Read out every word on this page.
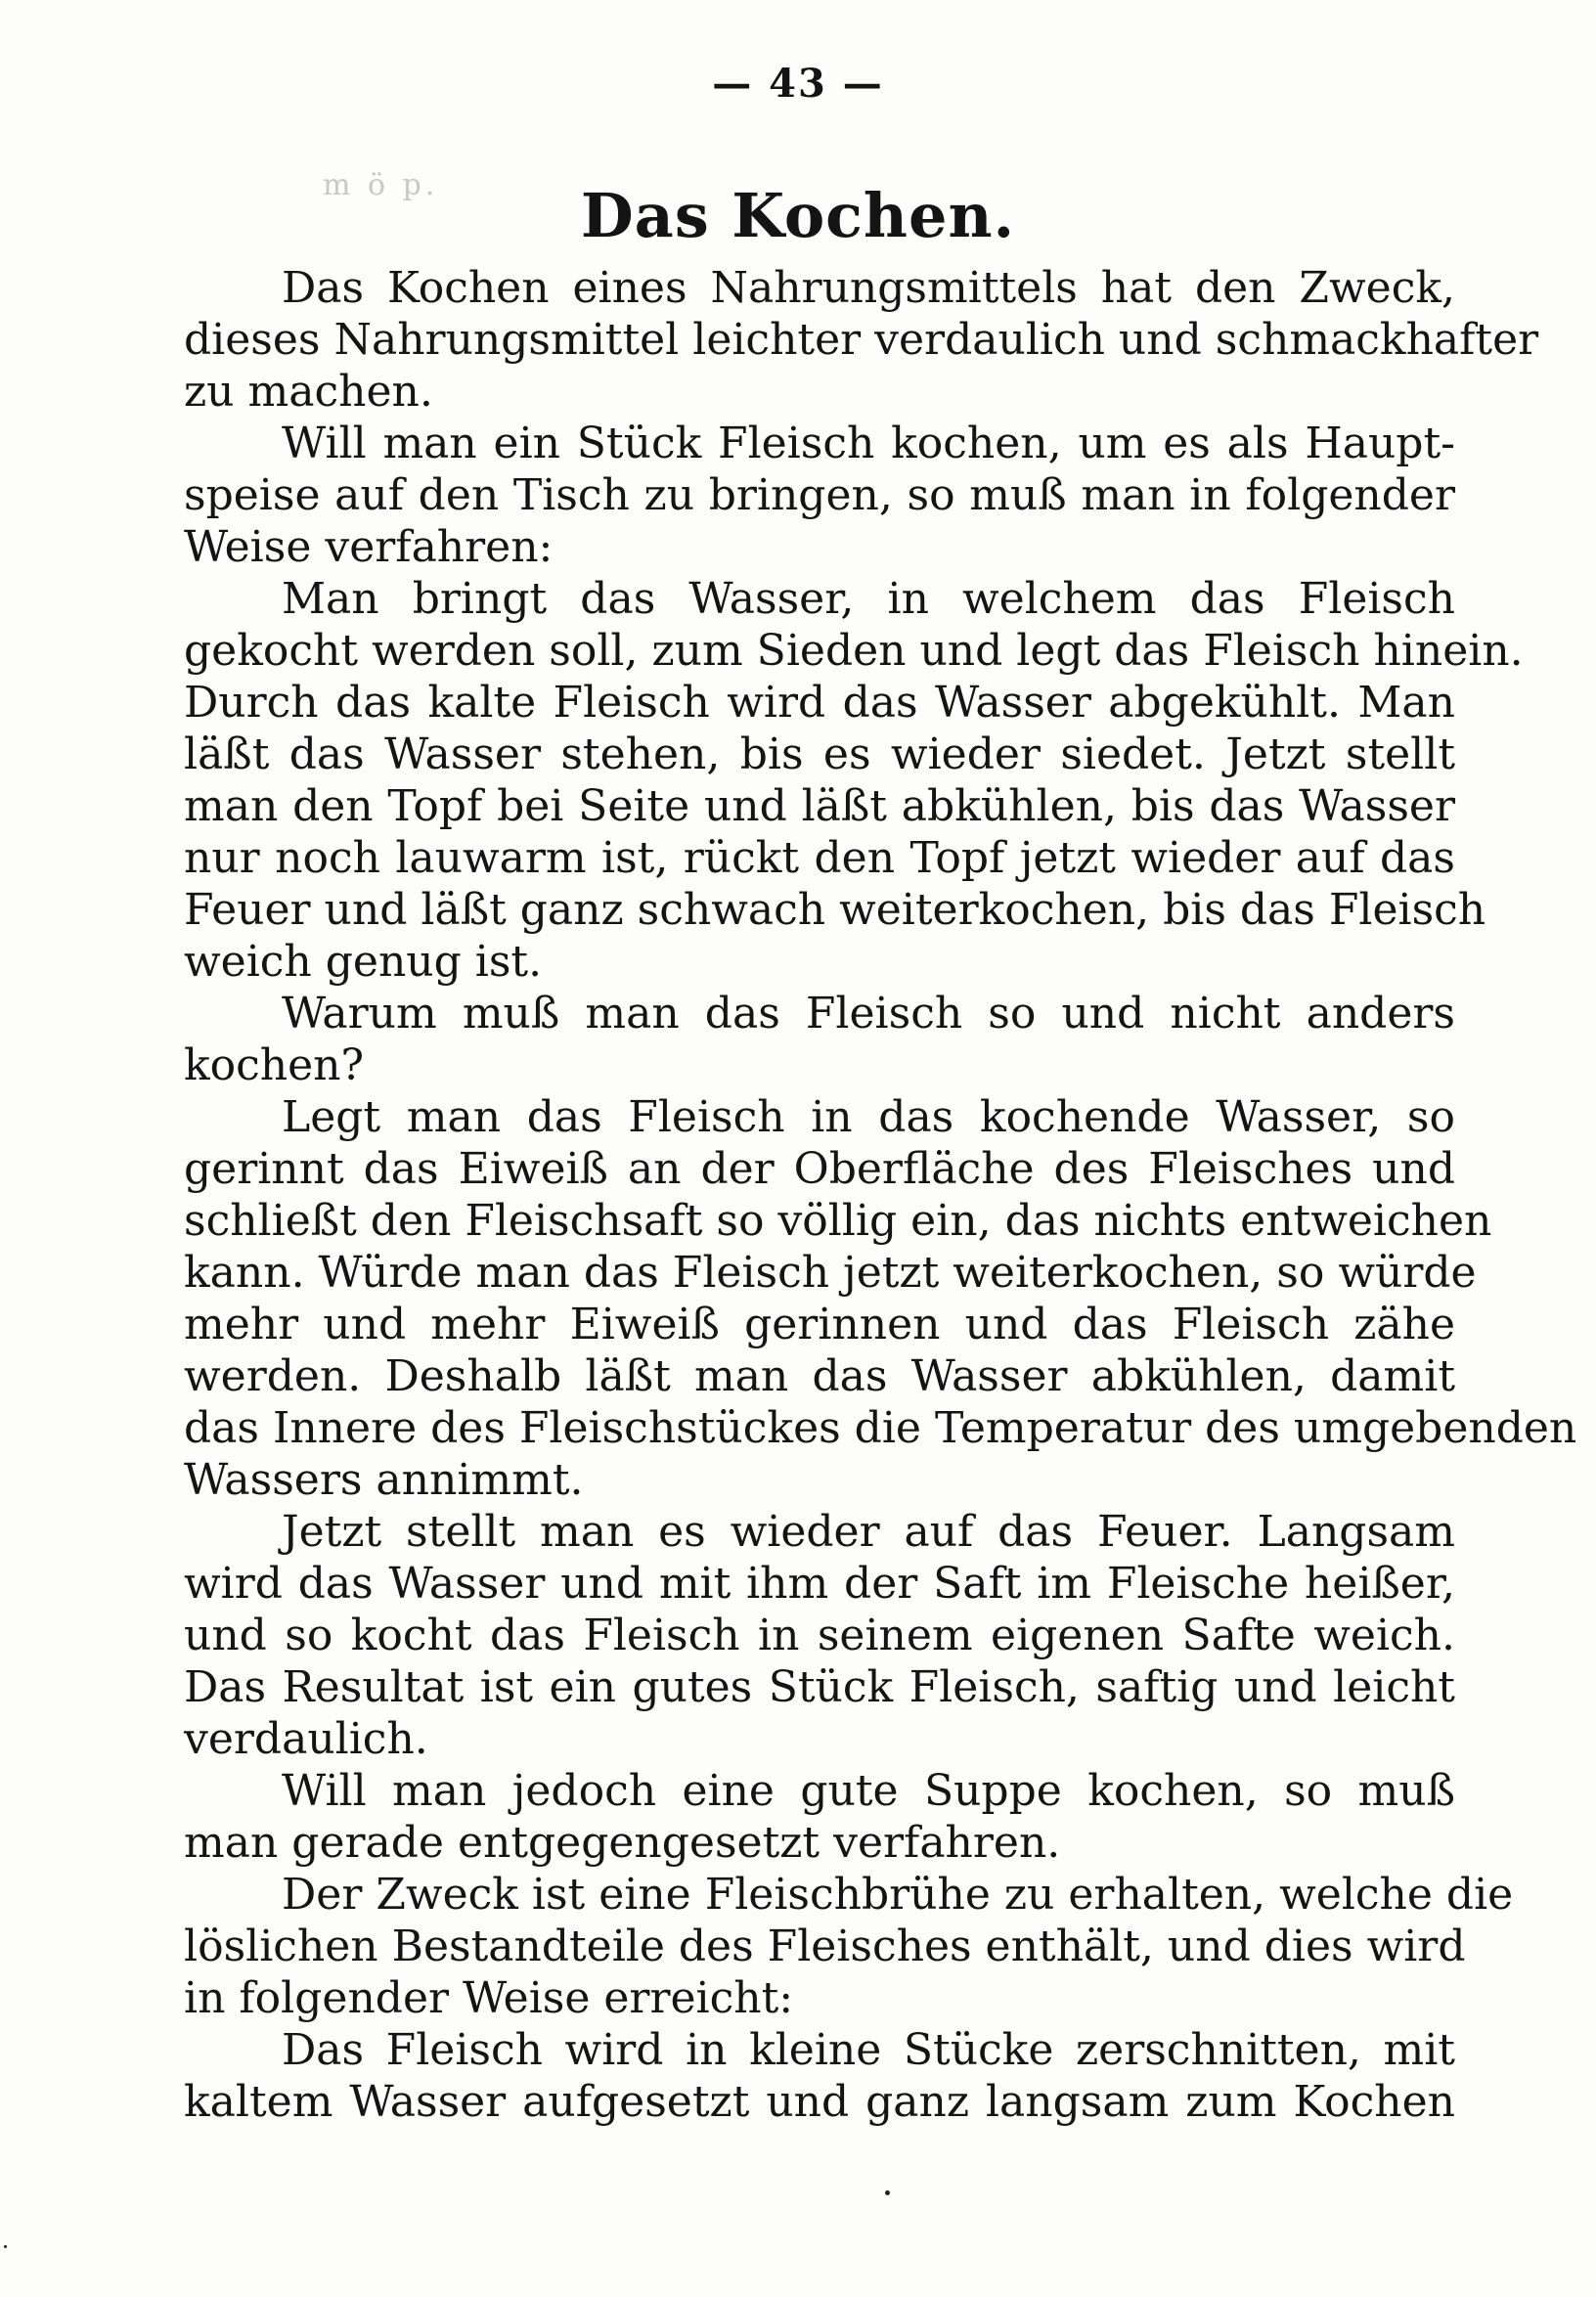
— 43 —
m ö p.	Das Kochen.
Das Kochen eines Nahrungsmittels hat den Zweck,
dieses Nahrungsmittel leichter verdaulich und schmackhafter
zu machen.
Will man ein Stück Fleisch kochen, um es als Haupt-
speise auf den Tisch zu bringen, so muß man in folgender
Weise verfahren:
Man bringt das Wasser, in welchem das Fleisch
gekocht werden soll, zum Sieden und legt das Fleisch hinein.
Durch das kalte Fleisch wird das Wasser abgekühlt. Man
läßt das Wasser stehen, bis es wieder siedet. Jetzt stellt
man den Topf bei Seite und läßt abkühlen, bis das Wasser
nur noch lauwarm ist, rückt den Topf jetzt wieder auf das
Feuer und läßt ganz schwach weiterkochen, bis das Fleisch
weich genug ist.
Warum muß man das Fleisch so und nicht anders
kochen?
Legt man das Fleisch in das kochende Wasser, so
gerinnt das Eiweiß an der Oberfläche des Fleisches und
schließt den Fleischsaft so völlig ein, das nichts entweichen
kann. Würde man das Fleisch jetzt weiterkochen, so würde
mehr und mehr Eiweiß gerinnen und das Fleisch zähe
werden. Deshalb läßt man das Wasser abkühlen, damit
das Innere des Fleischstückes die Temperatur des umgebenden
Wassers annimmt.
Jetzt stellt man es wieder auf das Feuer. Langsam
wird das Wasser und mit ihm der Saft im Fleische heißer,
und so kocht das Fleisch in seinem eigenen Safte weich.
Das Resultat ist ein gutes Stück Fleisch, saftig und leicht
verdaulich.
Will man jedoch eine gute Suppe kochen, so muß
man gerade entgegengesetzt verfahren.
Der Zweck ist eine Fleischbrühe zu erhalten, welche die
löslichen Bestandteile des Fleisches enthält, und dies wird
in folgender Weise erreicht:
Das Fleisch wird in kleine Stücke zerschnitten, mit
kaltem Wasser aufgesetzt und ganz langsam zum Kochen
